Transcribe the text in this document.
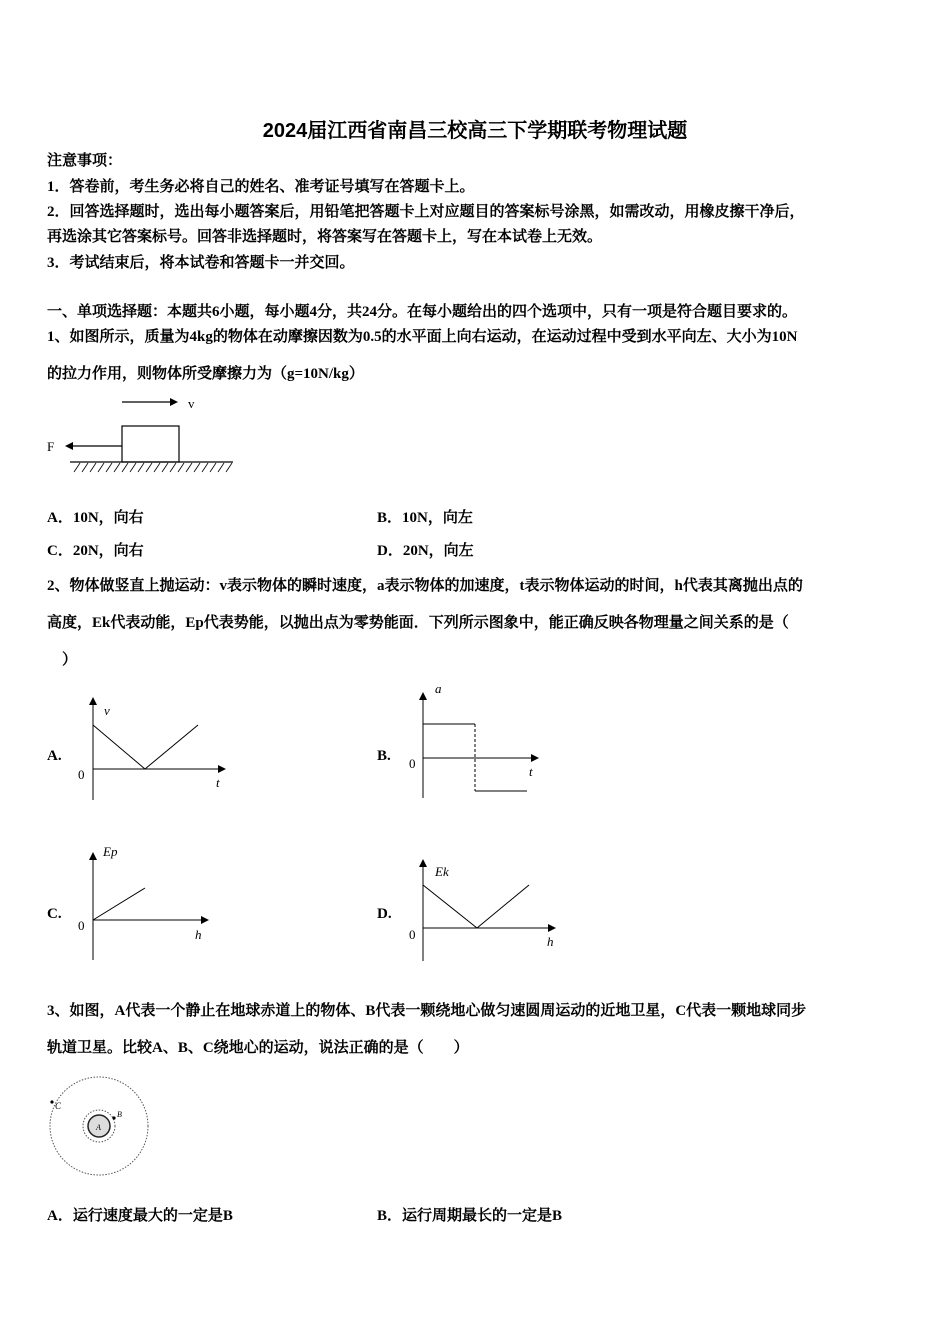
2024届江西省南昌三校高三下学期联考物理试题
注意事项：
1．答卷前，考生务必将自己的姓名、准考证号填写在答题卡上。
2．回答选择题时，选出每小题答案后，用铅笔把答题卡上对应题目的答案标号涂黑，如需改动，用橡皮擦干净后，
再选涂其它答案标号。回答非选择题时，将答案写在答题卡上，写在本试卷上无效。
3．考试结束后，将本试卷和答题卡一并交回。
一、单项选择题：本题共6小题，每小题4分，共24分。在每小题给出的四个选项中，只有一项是符合题目要求的。
1、如图所示，质量为4kg的物体在动摩擦因数为0.5的水平面上向右运动，在运动过程中受到水平向左、大小为10N
的拉力作用，则物体所受摩擦力为（g=10N/kg）
v
F
A．10N，向右	B．10N，向左
C．20N，向右	D．20N，向左
2、物体做竖直上抛运动：v表示物体的瞬时速度，a表示物体的加速度，t表示物体运动的时间，h代表其离抛出点的
高度，Ek代表动能，Ep代表势能，以抛出点为零势能面．下列所示图象中，能正确反映各物理量之间关系的是（
）
A.
v
0
t
B.
a
0
t
C.
Ep
0
h
D.
Ek
0	h
3、如图，A代表一个静止在地球赤道上的物体、B代表一颗绕地心做匀速圆周运动的近地卫星，C代表一颗地球同步
轨道卫星。比较A、B、C绕地心的运动，说法正确的是（　　）
C
B
A
A．运行速度最大的一定是B	B．运行周期最长的一定是B
